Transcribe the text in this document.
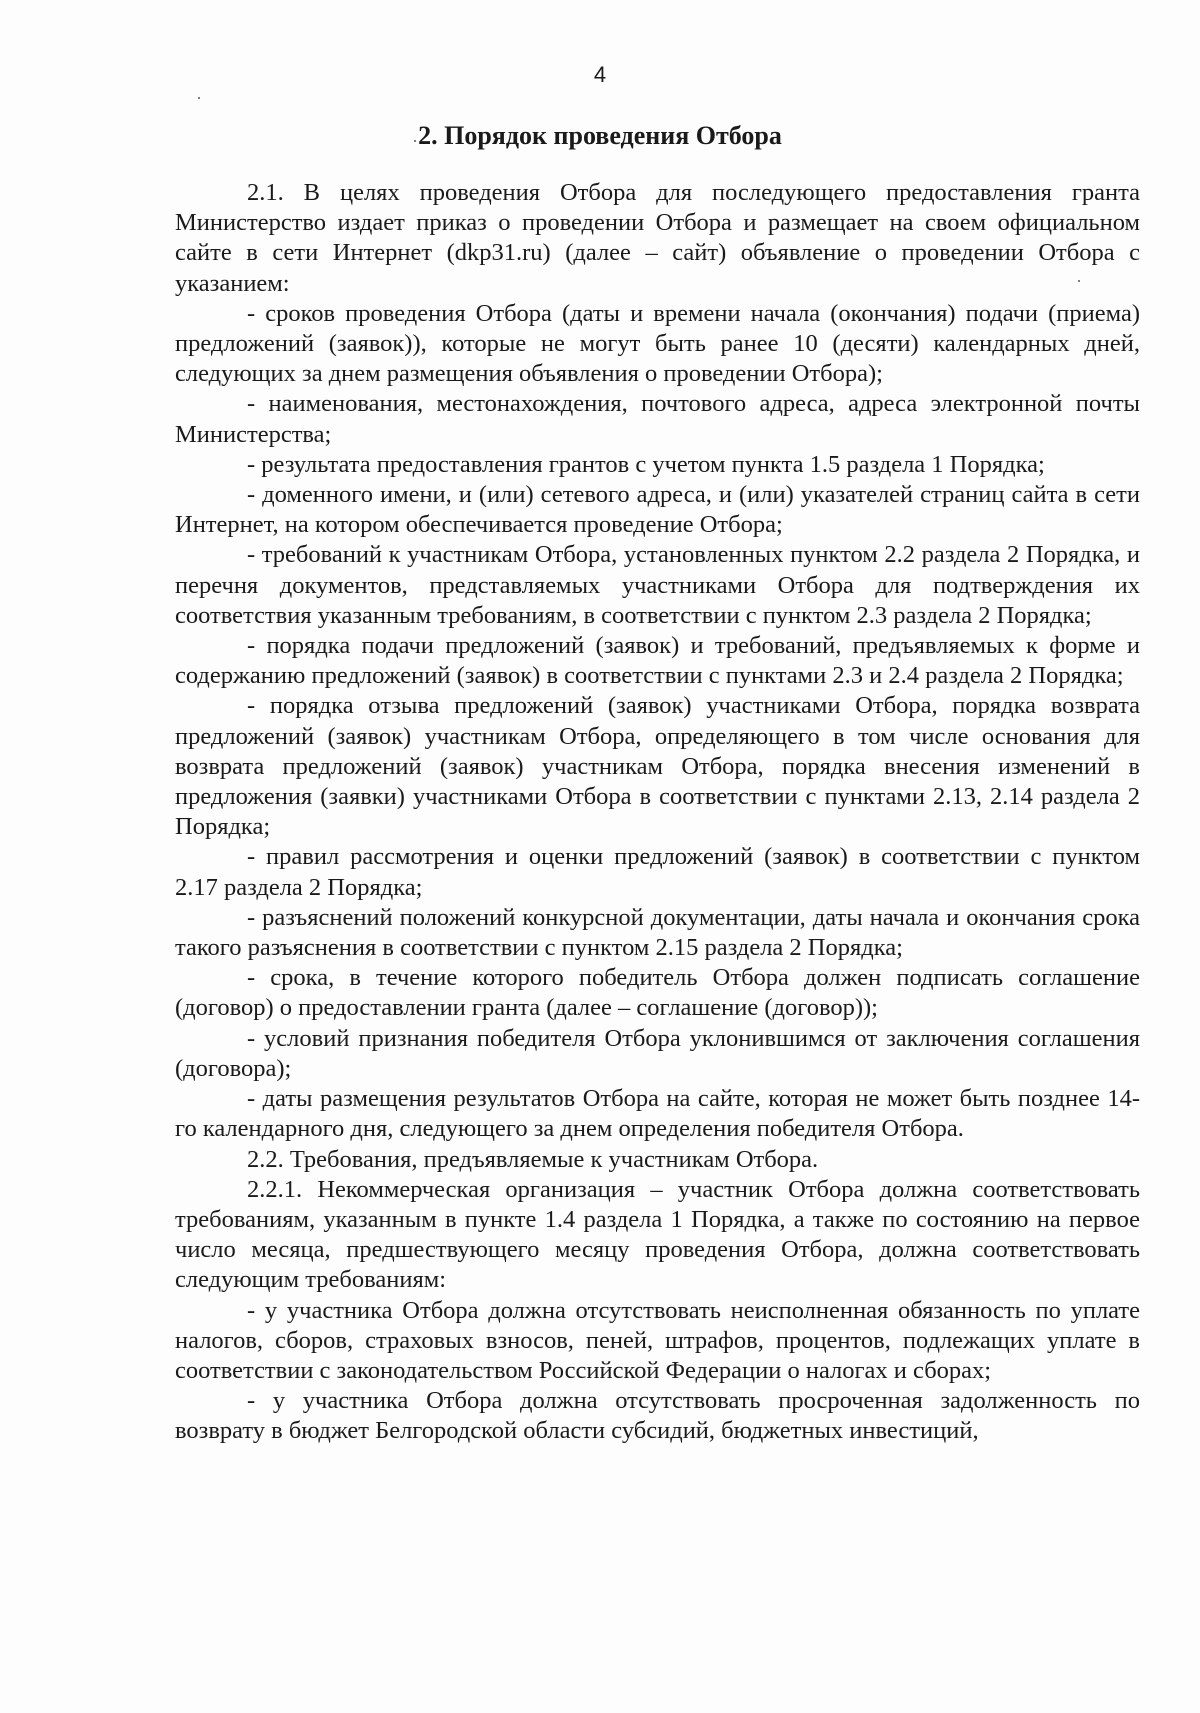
4
2. Порядок проведения Отбора

2.1. В целях проведения Отбора для последующего предоставления гранта Министерство издает приказ о проведении Отбора и размещает на своем официальном сайте в сети Интернет (dkp31.ru) (далее – сайт) объявление о проведении Отбора с указанием:

- сроков проведения Отбора (даты и времени начала (окончания) подачи (приема) предложений (заявок)), которые не могут быть ранее 10 (десяти) календарных дней, следующих за днем размещения объявления о проведении Отбора);

- наименования, местонахождения, почтового адреса, адреса электронной почты Министерства;

- результата предоставления грантов с учетом пункта 1.5 раздела 1 Порядка;

- доменного имени, и (или) сетевого адреса, и (или) указателей страниц сайта в сети Интернет, на котором обеспечивается проведение Отбора;

- требований к участникам Отбора, установленных пунктом 2.2 раздела 2 Порядка, и перечня документов, представляемых участниками Отбора для подтверждения их соответствия указанным требованиям, в соответствии с пунктом 2.3 раздела 2 Порядка;

- порядка подачи предложений (заявок) и требований, предъявляемых к форме и содержанию предложений (заявок) в соответствии с пунктами 2.3 и 2.4 раздела 2 Порядка;

- порядка отзыва предложений (заявок) участниками Отбора, порядка возврата предложений (заявок) участникам Отбора, определяющего в том числе основания для возврата предложений (заявок) участникам Отбора, порядка внесения изменений в предложения (заявки) участниками Отбора в соответствии с пунктами 2.13, 2.14 раздела 2 Порядка;

- правил рассмотрения и оценки предложений (заявок) в соответствии с пунктом 2.17 раздела 2 Порядка;

- разъяснений положений конкурсной документации, даты начала и окончания срока такого разъяснения в соответствии с пунктом 2.15 раздела 2 Порядка;

- срока, в течение которого победитель Отбора должен подписать соглашение (договор) о предоставлении гранта (далее – соглашение (договор));

- условий признания победителя Отбора уклонившимся от заключения соглашения (договора);

- даты размещения результатов Отбора на сайте, которая не может быть позднее 14-го календарного дня, следующего за днем определения победителя Отбора.

2.2. Требования, предъявляемые к участникам Отбора.

2.2.1. Некоммерческая организация – участник Отбора должна соответствовать требованиям, указанным в пункте 1.4 раздела 1 Порядка, а также по состоянию на первое число месяца, предшествующего месяцу проведения Отбора, должна соответствовать следующим требованиям:

- у участника Отбора должна отсутствовать неисполненная обязанность по уплате налогов, сборов, страховых взносов, пеней, штрафов, процентов, подлежащих уплате в соответствии с законодательством Российской Федерации о налогах и сборах;

- у участника Отбора должна отсутствовать просроченная задолженность по возврату в бюджет Белгородской области субсидий, бюджетных инвестиций,
